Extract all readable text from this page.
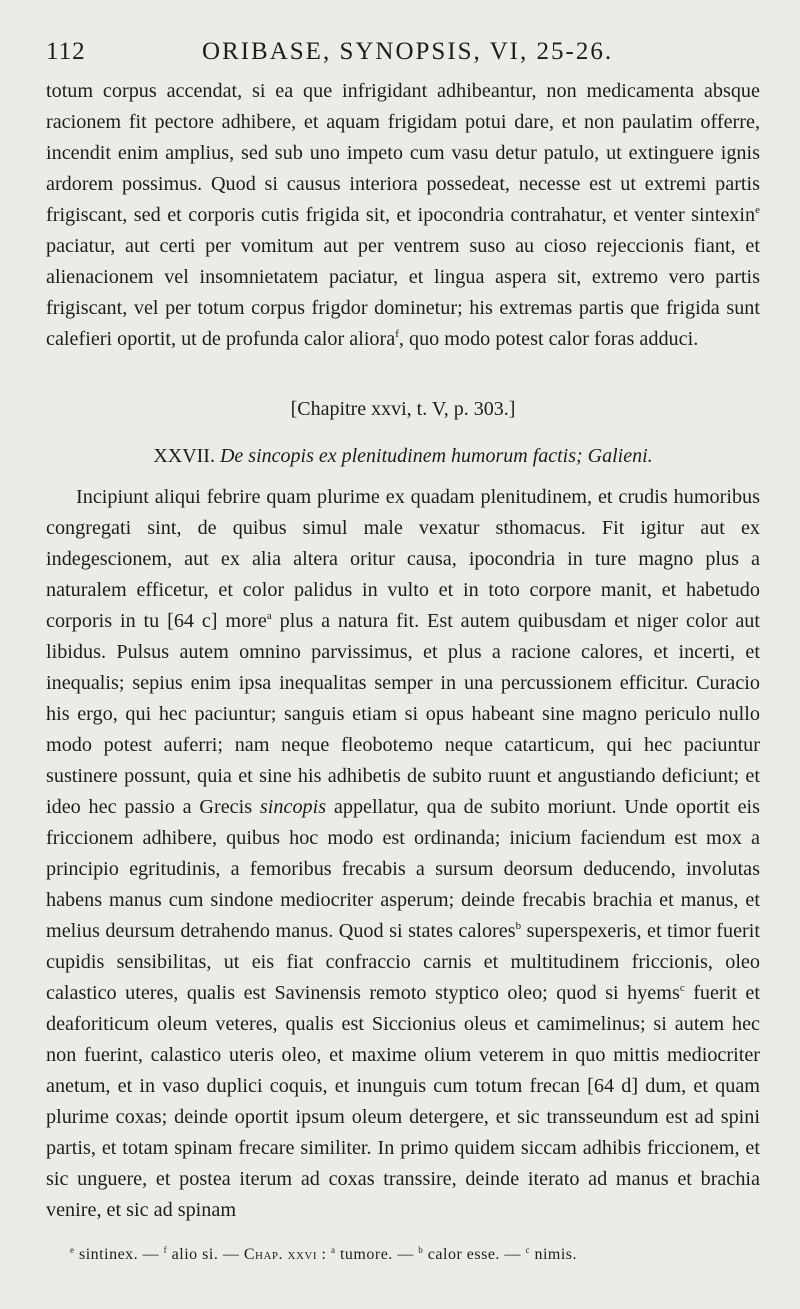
112	ORIBASE, SYNOPSIS, VI, 25-26.

totum corpus accendat, si ea que infrigidant adhibeantur, non medicamenta absque racionem fit pectore adhibere, et aquam frigidam potui dare, et non paulatim offerre, incendit enim amplius, sed sub uno impeto cum vasu detur patulo, ut extinguere ignis ardorem possimus. Quod si causus interiora possedeat, necesse est ut extremi partis frigiscant, sed et corporis cutis frigida sit, et ipocondria contrahatur, et venter sintexin$^e$ paciatur, aut certi per vomitum aut per ventrem suso au cioso rejeccionis fiant, et alienacionem vel insomnietatem paciatur, et lingua aspera sit, extremo vero partis frigiscant, vel per totum corpus frigdor dominetur; his extremas partis que frigida sunt calefieri oportit, ut de profunda calor aliora$^f$, quo modo potest calor foras adduci.

[Chapitre xxvi, t. V, p. 303.]
XXVII. De sincopis ex plenitudinem humorum factis; Galieni.

Incipiunt aliqui febrire quam plurime ex quadam plenitudinem, et crudis humoribus congregati sint, de quibus simul male vexatur sthomacus. Fit igitur aut ex indegescionem, aut ex alia altera oritur causa, ipocondria in ture magno plus a naturalem efficetur, et color palidus in vulto et in toto corpore manit, et habetudo corporis in tu [64 c] more$^a$ plus a natura fit. Est autem quibusdam et niger color aut libidus. Pulsus autem omnino parvissimus, et plus a racione calores, et incerti, et inequalis; sepius enim ipsa inequalitas semper in una percussionem efficitur. Curacio his ergo, qui hec paciuntur; sanguis etiam si opus habeant sine magno periculo nullo modo potest auferri; nam neque fleobotemo neque catarticum, qui hec paciuntur sustinere possunt, quia et sine his adhibetis de subito ruunt et angustiando deficiunt; et ideo hec passio a Grecis sincopis appellatur, qua de subito moriunt. Unde oportit eis friccionem adhibere, quibus hoc modo est ordinanda; inicium faciendum est mox a principio egritudinis, a femoribus frecabis a sursum deorsum deducendo, involutas habens manus cum sindone mediocriter asperum; deinde frecabis brachia et manus, et melius deursum detrahendo manus. Quod si states calores$^b$ superspexeris, et timor fuerit cupidis sensibilitas, ut eis fiat confraccio carnis et multitudinem friccionis, oleo calastico uteres, qualis est Savinensis remoto styptico oleo; quod si hyems$^c$ fuerit et deaforiticum oleum veteres, qualis est Siccionius oleus et camimelinus; si autem hec non fuerint, calastico uteris oleo, et maxime olium veterem in quo mittis mediocriter anetum, et in vaso duplici coquis, et inunguis cum totum frecan [64 d] dum, et quam plurime coxas; deinde oportit ipsum oleum detergere, et sic transseundum est ad spini partis, et totam spinam frecare similiter. In primo quidem siccam adhibis friccionem, et sic unguere, et postea iterum ad coxas transsire, deinde iterato ad manus et brachia venire, et sic ad spinam

$^e$ sintinex. — $^f$ alio si. — Chap. xxvi : $^a$ tumore. — $^b$ calor esse. — $^c$ nimis.
